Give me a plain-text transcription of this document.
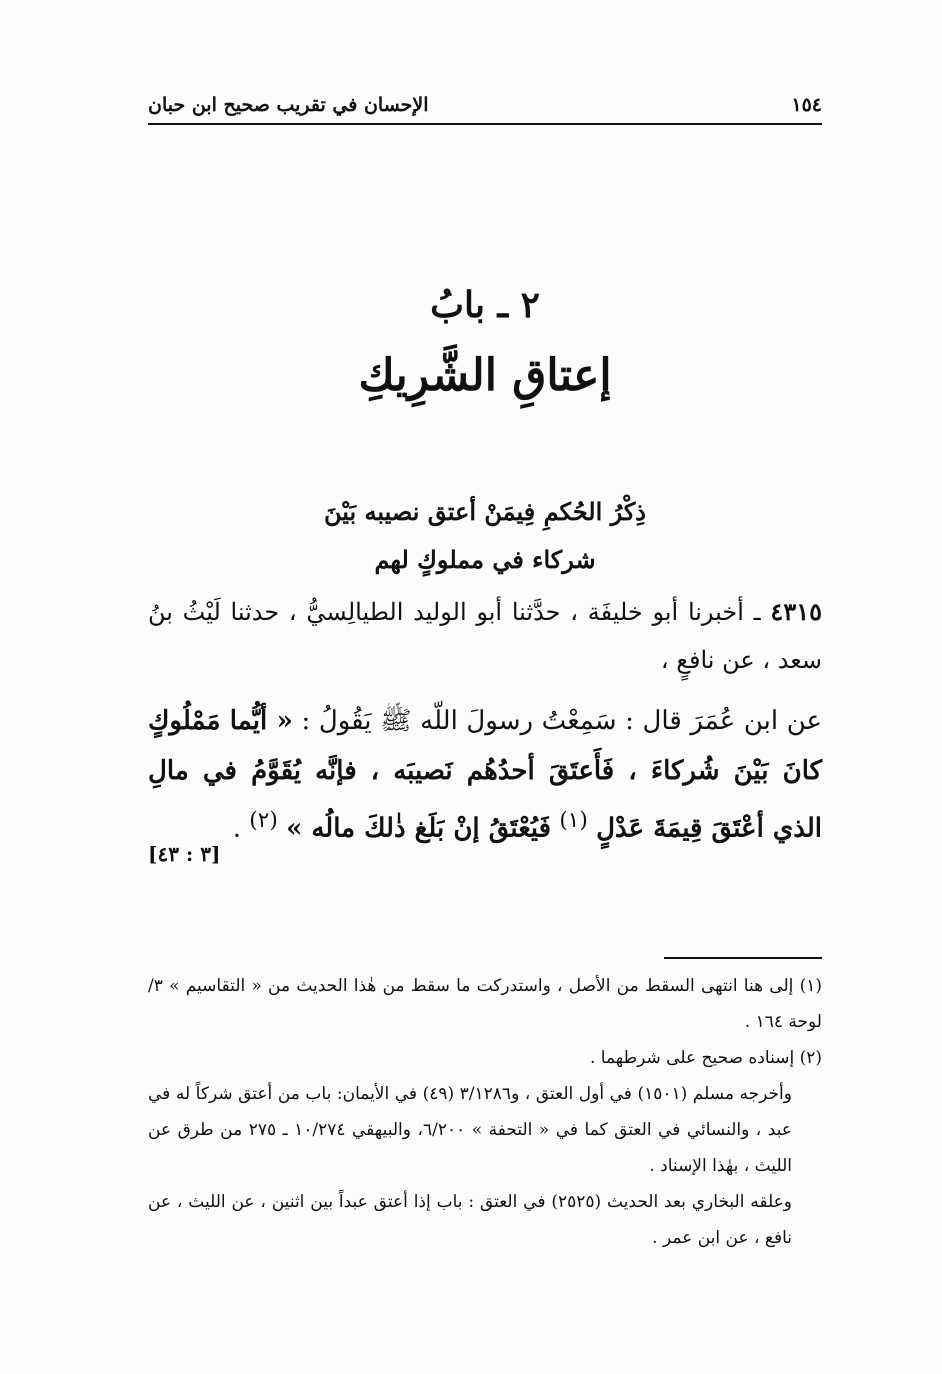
١٥٤
الإحسان في تقريب صحيح ابن حبان
٢ ـ بابُ
إعتاقِ الشَّرِيكِ
ذِكْرُ الحُكمِ فِيمَنْ أعتق نصيبه بَيْنَ
شركاء في مملوكٍ لهم
٤٣١٥ ـ أخبرنا أبو خليفَة ، حدَّثنا أبو الوليد الطيالِسيُّ ، حدثنا لَيْثُ بنُ سعد ، عن نافعٍ ،
عن ابن عُمَرَ قال : سَمِعْتُ رسولَ اللّه ﷺ يَقُولُ : « أيُّما مَمْلُوكٍ كانَ بَيْنَ شُركاءَ ، فَأَعتَقَ أحدُهُم نَصيبَه ، فإنَّه يُقَوَّمُ في مالِ الذي أعْتَقَ قِيمَةَ عَدْلٍ $^{(١)}$ فَيُعْتَقُ إنْ بَلَغ ذٰلكَ مالُه » $^{(٢)}$ .
[٣ : ٤٣]
(١) إلى هنا انتهى السقط من الأصل ، واستدركت ما سقط من هٰذا الحديث من « التقاسيم » ٣/لوحة ١٦٤ .
(٢) إسناده صحيح على شرطهما .
وأخرجه مسلم (١٥٠١) في أول العتق ، و٣/١٢٨٦ (٤٩) في الأيمان: باب من أعتق شركاً له في عبد ، والنسائي في العتق كما في « التحفة » ٦/٢٠٠، والبيهقي ١٠/٢٧٤ ـ ٢٧٥ من طرق عن الليث ، بهٰذا الإسناد .
وعلقه البخاري بعد الحديث (٢٥٢٥) في العتق : باب إذا أعتق عبداً بين اثنين ، عن الليث ، عن نافع ، عن ابن عمر .
